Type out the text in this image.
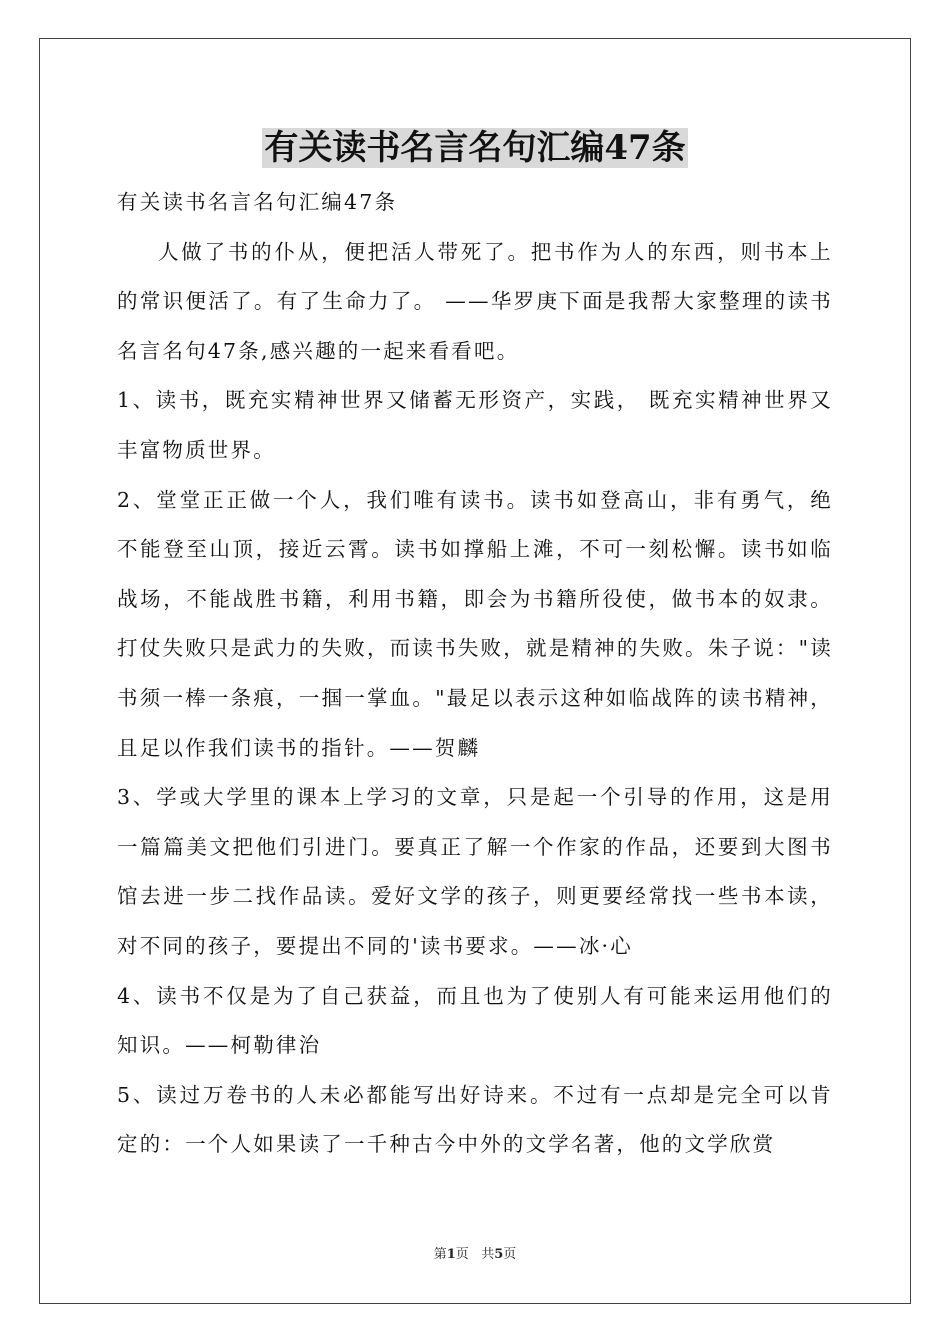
有关读书名言名句汇编47条

有关读书名言名句汇编47条

人做了书的仆从，便把活人带死了。把书作为人的东西，则书本上的常识便活了。有了生命力了。 ——华罗庚下面是我帮大家整理的读书名言名句47条,感兴趣的一起来看看吧。

1、读书，既充实精神世界又储蓄无形资产，实践， 既充实精神世界又丰富物质世界。

2、堂堂正正做一个人，我们唯有读书。读书如登高山，非有勇气，绝不能登至山顶，接近云霄。读书如撑船上滩，不可一刻松懈。读书如临战场，不能战胜书籍，利用书籍，即会为书籍所役使，做书本的奴隶。打仗失败只是武力的失败，而读书失败，就是精神的失败。朱子说："读书须一棒一条痕，一掴一掌血。"最足以表示这种如临战阵的读书精神，且足以作我们读书的指针。——贺麟

3、学或大学里的课本上学习的文章，只是起一个引导的作用，这是用一篇篇美文把他们引进门。要真正了解一个作家的作品，还要到大图书馆去进一步二找作品读。爱好文学的孩子，则更要经常找一些书本读，对不同的孩子，要提出不同的'读书要求。——冰·心

4、读书不仅是为了自己获益，而且也为了使别人有可能来运用他们的知识。——柯勒律治

5、读过万卷书的人未必都能写出好诗来。不过有一点却是完全可以肯定的：一个人如果读了一千种古今中外的文学名著，他的文学欣赏

第1页 共5页
